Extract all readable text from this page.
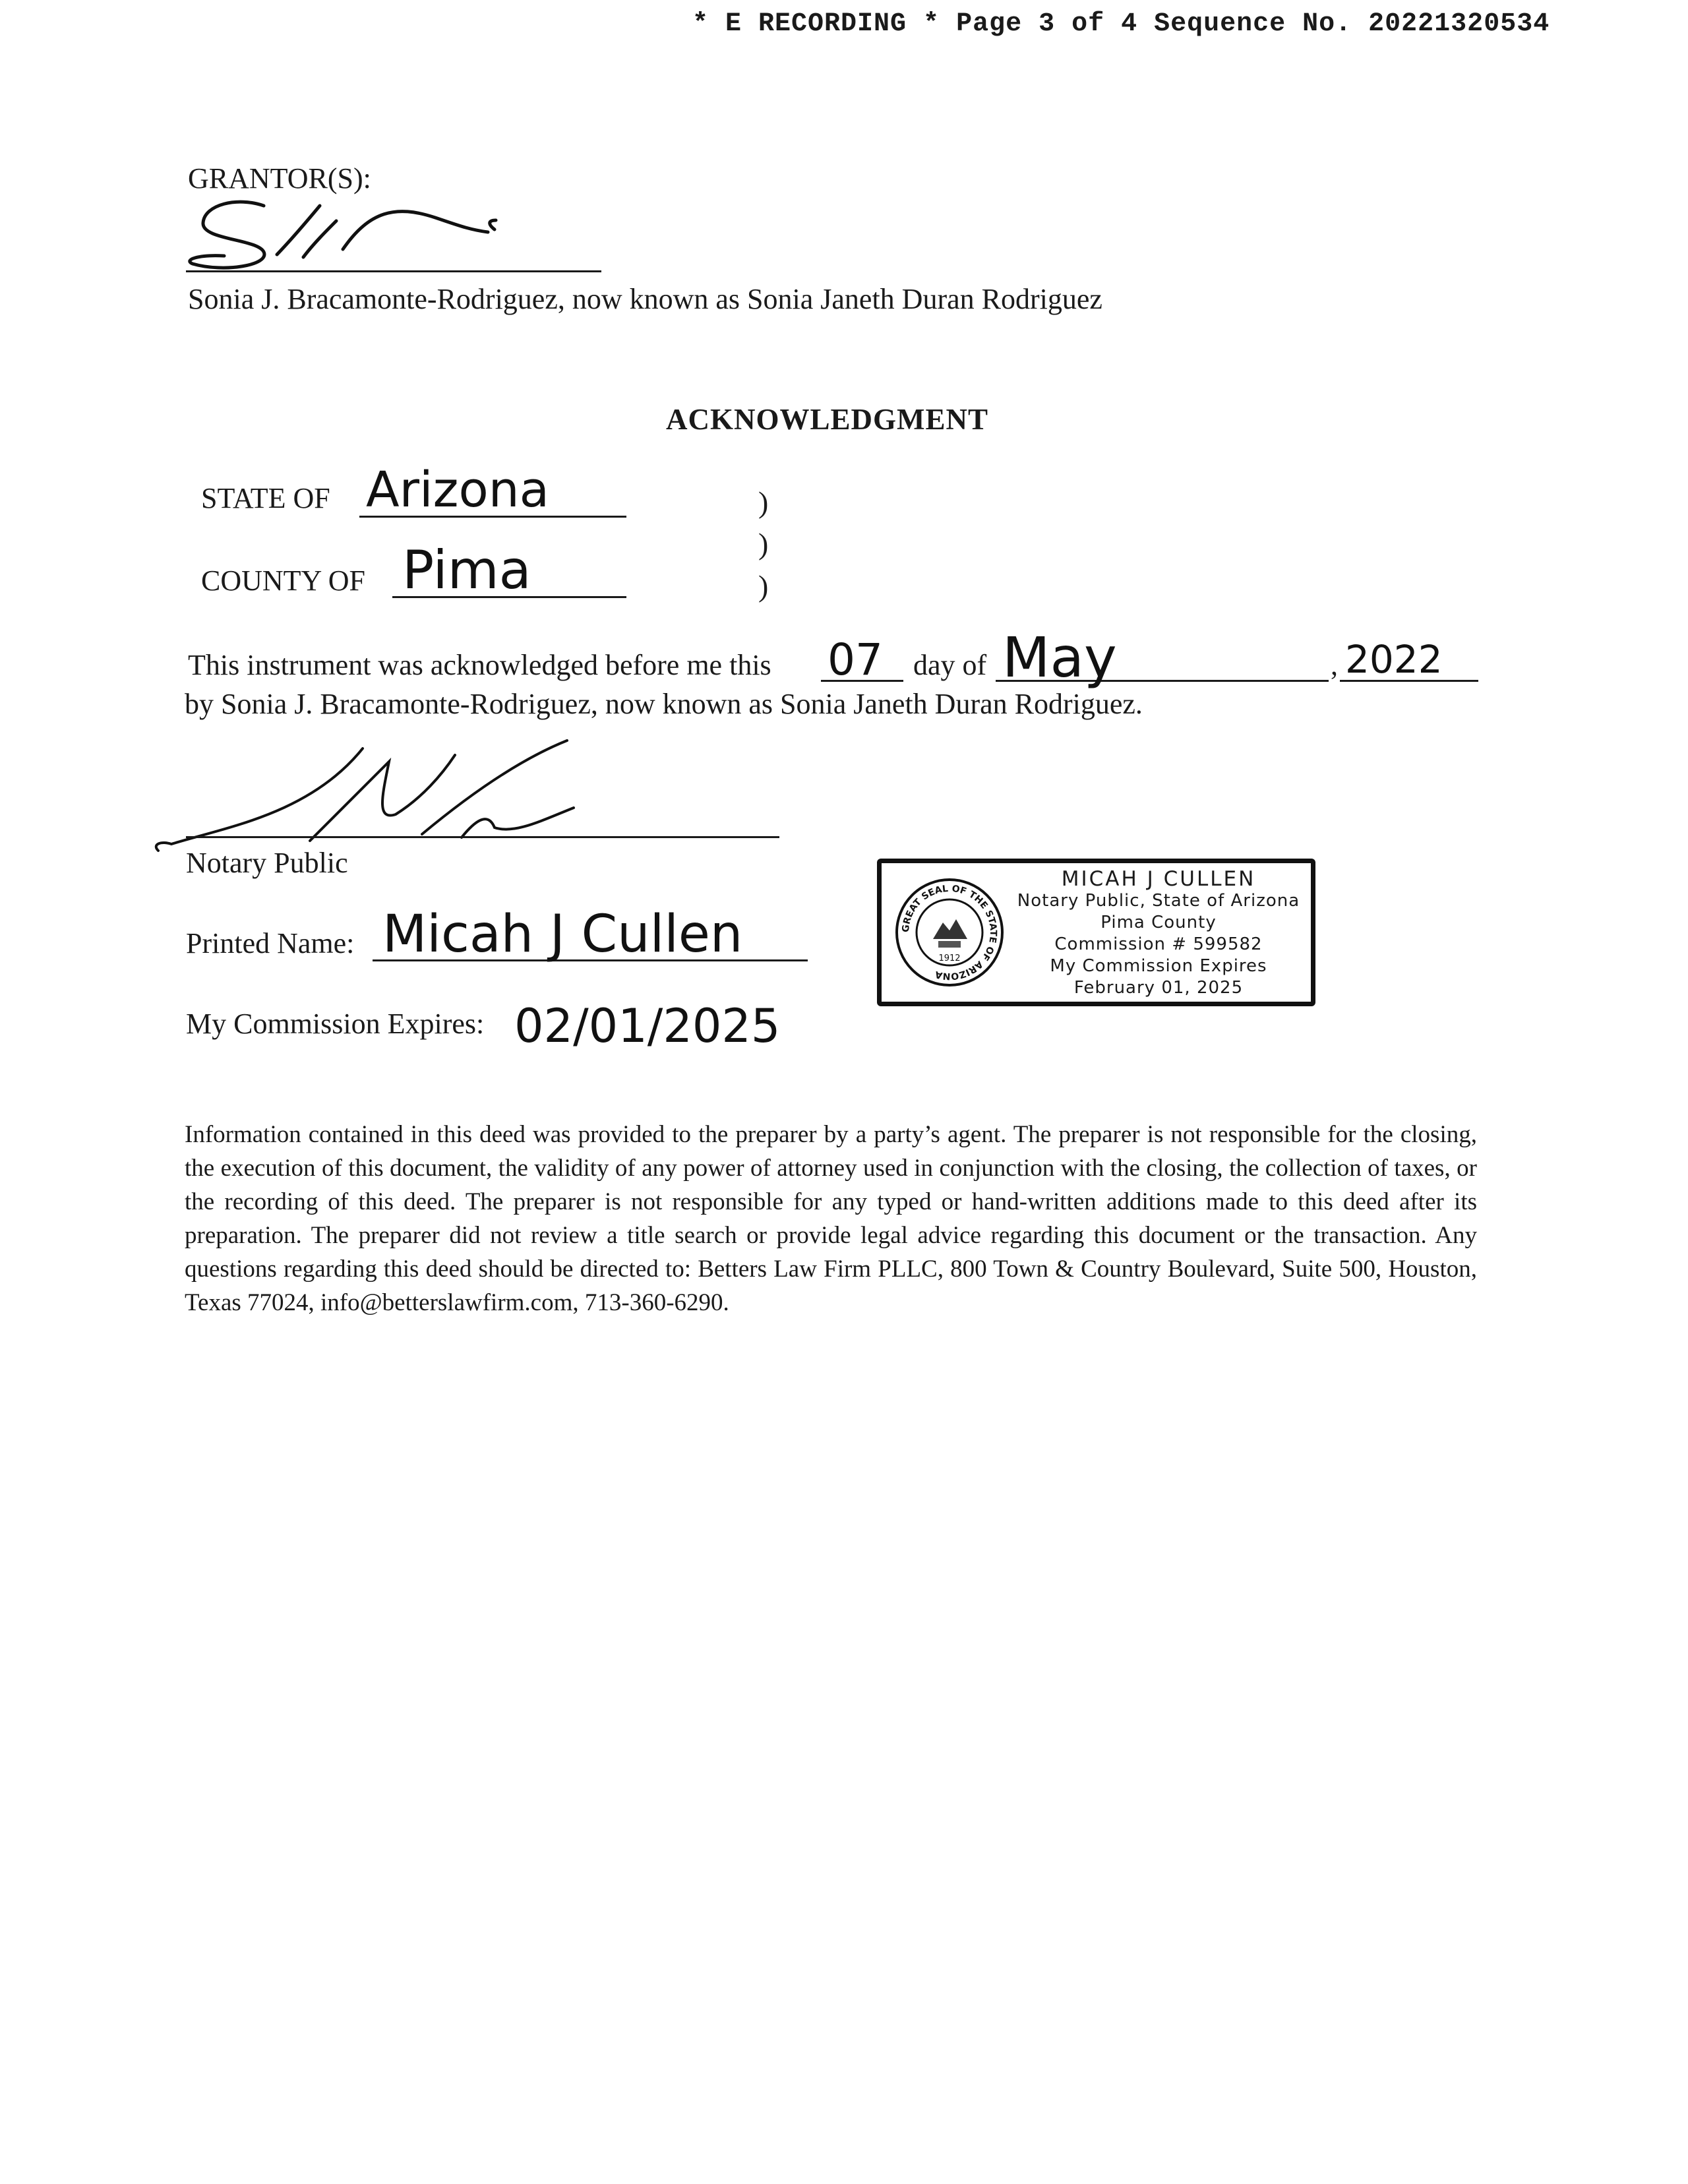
* E RECORDING * Page 3 of 4 Sequence No. 20221320534
GRANTOR(S):
Sonia J. Bracamonte-Rodriguez, now known as Sonia Janeth Duran Rodriguez
ACKNOWLEDGMENT
STATE OF Arizona
COUNTY OF Pima
)
)
)
This instrument was acknowledged before me this 07 day of May	, 2022
by Sonia J. Bracamonte-Rodriguez, now known as Sonia Janeth Duran Rodriguez.
Notary Public
Printed Name: Micah J Cullen
My Commission Expires: 02/01/2025
GREAT SEAL OF THE STATE OF ARIZONA
1912
MICAH J CULLEN
Notary Public, State of Arizona
Pima County
Commission # 599582
My Commission Expires
February 01, 2025
Information contained in this deed was provided to the preparer by a party’s agent. The preparer is not responsible for the closing, the execution of this document, the validity of any power of attorney used in conjunction with the closing, the collection of taxes, or the recording of this deed. The preparer is not responsible for any typed or hand-written additions made to this deed after its preparation. The preparer did not review a title search or provide legal advice regarding this document or the transaction. Any questions regarding this deed should be directed to: Betters Law Firm PLLC, 800 Town & Country Boulevard, Suite 500, Houston, Texas 77024, info@betterslawfirm.com, 713-360-6290.
